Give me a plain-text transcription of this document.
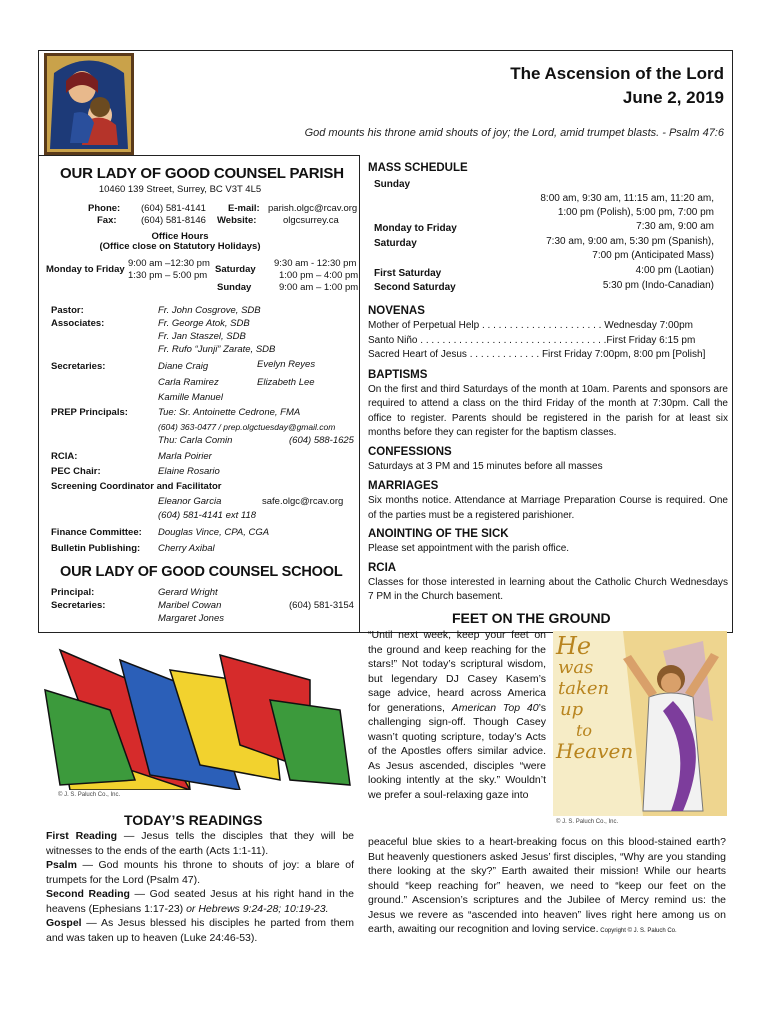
The Ascension of the Lord
June 2, 2019
God mounts his throne amid shouts of joy; the Lord, amid trumpet blasts. - Psalm 47:6
OUR LADY OF GOOD COUNSEL PARISH
10460 139 Street, Surrey, BC V3T 4L5
Phone: (604) 581-4141
Fax:	(604) 581-8146
E-mail: parish.olgc@rcav.org
Website:	olgcsurrey.ca
Office Hours
(Office close on Statutory Holidays)
Monday to Friday
9:00 am –12:30 pm
1:30 pm – 5:00 pm
Saturday
9:30 am - 12:30 pm
1:00 pm – 4:00 pm
Sunday	9:00 am – 1:00 pm
Pastor:	Fr. John Cosgrove, SDB
Associates:	Fr. George Atok, SDB
Fr. Jan Staszel, SDB
Fr. Rufo “Junji” Zarate, SDB
Secretaries:	Diane Craig	Evelyn Reyes
Carla Ramirez	Elizabeth Lee
Kamille Manuel
PREP Principals:	Tue: Sr. Antoinette Cedrone, FMA
(604) 363-0477 / prep.olgctuesday@gmail.com
Thu: Carla Comin	(604) 588-1625
RCIA:	Marla Poirier
PEC Chair:	Elaine Rosario
Screening Coordinator and Facilitator
Eleanor Garcia	safe.olgc@rcav.org
(604) 581-4141 ext 118
Finance Committee: Douglas Vince, CPA, CGA
Bulletin Publishing: Cherry Axibal
OUR LADY OF GOOD COUNSEL SCHOOL
Principal:	Gerard Wright
Secretaries:	Maribel Cowan
Margaret Jones
(604) 581-3154
MASS SCHEDULE
Sunday
8:00 am, 9:30 am, 11:15 am, 11:20 am,
1:00 pm (Polish), 5:00 pm, 7:00 pm
Monday to Friday	7:30 am, 9:00 am
Saturday	7:30 am, 9:00 am, 5:30 pm (Spanish),
7:00 pm (Anticipated Mass)
First Saturday	4:00 pm (Laotian)
Second Saturday	5:30 pm (Indo-Canadian)
NOVENAS
Mother of Perpetual Help . . . . . . . . . . . . . . . . . . . . . . Wednesday 7:00pm
Santo Niño . . . . . . . . . . . . . . . . . . . . . . . . . . . . . . . . . .First Friday 6:15 pm
Sacred Heart of Jesus . . . . . . . . . . . . . First Friday 7:00pm, 8:00 pm [Polish]
BAPTISMS
On the first and third Saturdays of the month at 10am. Parents and sponsors are required to attend a class on the third Friday of the month at 7:30pm. Call the office to register. Parents should be registered in the parish for at least six months before they can register for the baptism classes.
CONFESSIONS
Saturdays at 3 PM and 15 minutes before all masses
MARRIAGES
Six months notice. Attendance at Marriage Preparation Course is required. One of the parties must be a registered parishioner.
ANOINTING OF THE SICK
Please set appointment with the parish office.
RCIA
Classes for those interested in learning about the Catholic Church Wednesdays 7 PM in the Church basement.
© J. S. Paluch Co., Inc.
TODAY’S READINGS
First Reading — Jesus tells the disciples that they will be witnesses to the ends of the earth (Acts 1:1-11).
Psalm — God mounts his throne to shouts of joy: a blare of trumpets for the Lord (Psalm 47).
Second Reading — God seated Jesus at his right hand in the heavens (Ephesians 1:17-23) or Hebrews 9:24-28; 10:19-23.
Gospel — As Jesus blessed his disciples he parted from them and was taken up to heaven (Luke 24:46-53).
FEET ON THE GROUND
“Until next week, keep your feet on the ground and keep reaching for the stars!” Not today’s scriptural wisdom, but legendary DJ Casey Kasem’s sage advice, heard across America for generations, American Top 40’s challenging sign-off. Though Casey wasn’t quoting scripture, today’s Acts of the Apostles offers similar advice. As Jesus ascended, disciples “were looking intently at the sky.” Wouldn’t we prefer a soul-relaxing gaze into
peaceful blue skies to a heart-breaking focus on this blood-stained earth? But heavenly questioners asked Jesus’ first disciples, “Why are you standing there looking at the sky?” Earth awaited their mission! While our hearts should “keep reaching for” heaven, we need to “keep our feet on the ground.” Ascension’s scriptures and the Jubilee of Mercy remind us: the Jesus we revere as “ascended into heaven” lives right here among us on earth, awaiting our recognition and loving service. Copyright © J. S. Paluch Co.
He
was
taken
up
to
Heaven
© J. S. Paluch Co., Inc.
